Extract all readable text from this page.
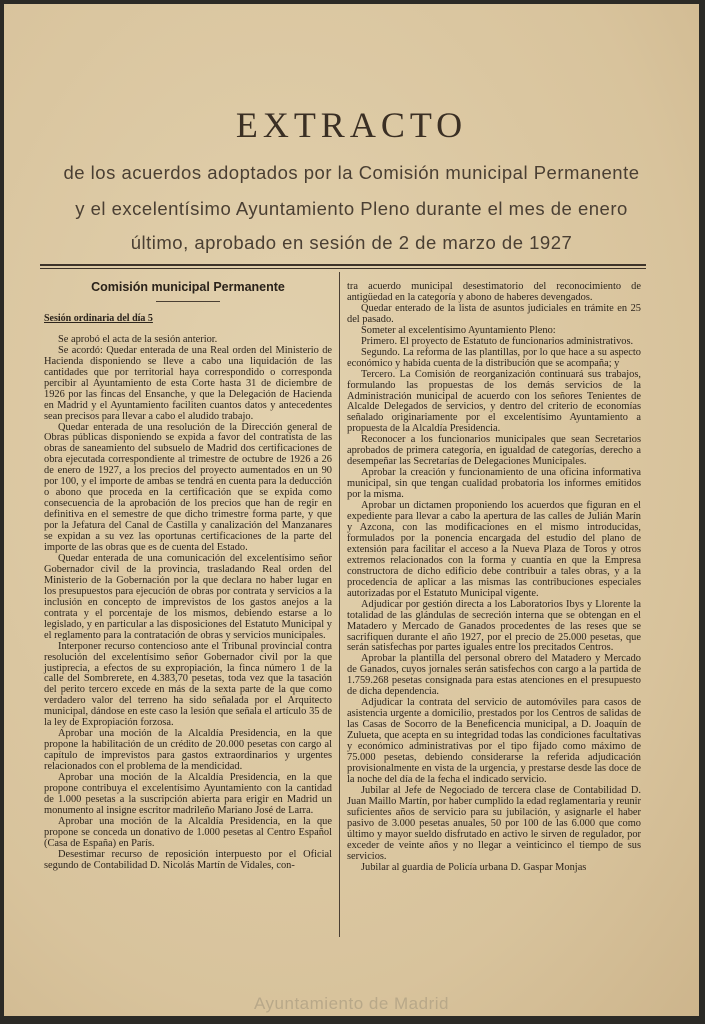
EXTRACTO
de los acuerdos adoptados por la Comisión municipal Permanente
y el excelentísimo Ayuntamiento Pleno durante el mes de enero
último, aprobado en sesión de 2 de marzo de 1927
Comisión municipal Permanente
Sesión ordinaria del día 5

Se aprobó el acta de la sesión anterior.

Se acordó: Quedar enterada de una Real orden del Ministerio de Hacienda disponiendo se lleve a cabo una liquidación de las cantidades que por territorial haya correspondido o corresponda percibir al Ayuntamiento de esta Corte hasta 31 de diciembre de 1926 por las fincas del Ensanche, y que la Delegación de Hacienda en Madrid y el Ayuntamiento faciliten cuantos datos y antecedentes sean precisos para llevar a cabo el aludido trabajo.

Quedar enterada de una resolución de la Dirección general de Obras públicas disponiendo se expida a favor del contratista de las obras de saneamiento del subsuelo de Madrid dos certificaciones de obra ejecutada correspondiente al trimestre de octubre de 1926 a 26 de enero de 1927, a los precios del proyecto aumentados en un 90 por 100, y el importe de ambas se tendrá en cuenta para la deducción o abono que proceda en la certificación que se expida como consecuencia de la aprobación de los precios que han de regir en definitiva en el semestre de que dicho trimestre forma parte, y que por la Jefatura del Canal de Castilla y canalización del Manzanares se expidan a su vez las oportunas certificaciones de la parte del importe de las obras que es de cuenta del Estado.

Quedar enterada de una comunicación del excelentísimo señor Gobernador civil de la provincia, trasladando Real orden del Ministerio de la Gobernación por la que declara no haber lugar en los presupuestos para ejecución de obras por contrata y servicios a la inclusión en concepto de imprevistos de los gastos anejos a la contrata y el porcentaje de los mismos, debiendo estarse a lo legislado, y en particular a las disposiciones del Estatuto Municipal y el reglamento para la contratación de obras y servicios municipales.

Interponer recurso contencioso ante el Tribunal provincial contra resolución del excelentísimo señor Gobernador civil por la que justiprecia, a efectos de su expropiación, la finca número 1 de la calle del Sombrerete, en 4.383,70 pesetas, toda vez que la tasación del perito tercero excede en más de la sexta parte de la que como verdadero valor del terreno ha sido señalada por el Arquitecto municipal, dándose en este caso la lesión que señala el artículo 35 de la ley de Expropiación forzosa.

Aprobar una moción de la Alcaldía Presidencia, en la que propone la habilitación de un crédito de 20.000 pesetas con cargo al capítulo de imprevistos para gastos extraordinarios y urgentes relacionados con el problema de la mendicidad.

Aprobar una moción de la Alcaldía Presidencia, en la que propone contribuya el excelentísimo Ayuntamiento con la cantidad de 1.000 pesetas a la suscripción abierta para erigir en Madrid un monumento al insigne escritor madrileño Mariano José de Larra.

Aprobar una moción de la Alcaldía Presidencia, en la que propone se conceda un donativo de 1.000 pesetas al Centro Español (Casa de España) en París.

Desestimar recurso de reposición interpuesto por el Oficial segundo de Contabilidad D. Nicolás Martín de Vidales, con-

tra acuerdo municipal desestimatorio del reconocimiento de antigüedad en la categoría y abono de haberes devengados.

Quedar enterado de la lista de asuntos judiciales en trámite en 25 del pasado.

Someter al excelentísimo Ayuntamiento Pleno:

Primero. El proyecto de Estatuto de funcionarios administrativos.

Segundo. La reforma de las plantillas, por lo que hace a su aspecto económico y habida cuenta de la distribución que se acompaña; y

Tercero. La Comisión de reorganización continuará sus trabajos, formulando las propuestas de los demás servicios de la Administración municipal de acuerdo con los señores Tenientes de Alcalde Delegados de servicios, y dentro del criterio de economías señalado originariamente por el excelentísimo Ayuntamiento a propuesta de la Alcaldía Presidencia.

Reconocer a los funcionarios municipales que sean Secretarios aprobados de primera categoría, en igualdad de categorías, derecho a desempeñar las Secretarías de Delegaciones Municipales.

Aprobar la creación y funcionamiento de una oficina informativa municipal, sin que tengan cualidad probatoria los informes emitidos por la misma.

Aprobar un dictamen proponiendo los acuerdos que figuran en el expediente para llevar a cabo la apertura de las calles de Julián Marín y Azcona, con las modificaciones en el mismo introducidas, formulados por la ponencia encargada del estudio del plano de extensión para facilitar el acceso a la Nueva Plaza de Toros y otros extremos relacionados con la forma y cuantía en que la Empresa constructora de dicho edificio debe contribuir a tales obras, y a la procedencia de aplicar a las mismas las contribuciones especiales autorizadas por el Estatuto Municipal vigente.

Adjudicar por gestión directa a los Laboratorios Ibys y Llorente la totalidad de las glándulas de secreción interna que se obtengan en el Matadero y Mercado de Ganados procedentes de las reses que se sacrifiquen durante el año 1927, por el precio de 25.000 pesetas, que serán satisfechas por partes iguales entre los precitados Centros.

Aprobar la plantilla del personal obrero del Matadero y Mercado de Ganados, cuyos jornales serán satisfechos con cargo a la partida de 1.759.268 pesetas consignada para estas atenciones en el presupuesto de dicha dependencia.

Adjudicar la contrata del servicio de automóviles para casos de asistencia urgente a domicilio, prestados por los Centros de salidas de las Casas de Socorro de la Beneficencia municipal, a D. Joaquín de Zulueta, que acepta en su integridad todas las condiciones facultativas y económico administrativas por el tipo fijado como máximo de 75.000 pesetas, debiendo considerarse la referida adjudicación provisionalmente en vista de la urgencia, y prestarse desde las doce de la noche del día de la fecha el indicado servicio.

Jubilar al Jefe de Negociado de tercera clase de Contabilidad D. Juan Maillo Martín, por haber cumplido la edad reglamentaria y reunir suficientes años de servicio para su jubilación, y asignarle el haber pasivo de 3.000 pesetas anuales, 50 por 100 de las 6.000 que como último y mayor sueldo disfrutado en activo le sirven de regulador, por exceder de veinte años y no llegar a veinticinco el tiempo de sus servicios.

Jubilar al guardia de Policía urbana D. Gaspar Monjas

Ayuntamiento de Madrid
